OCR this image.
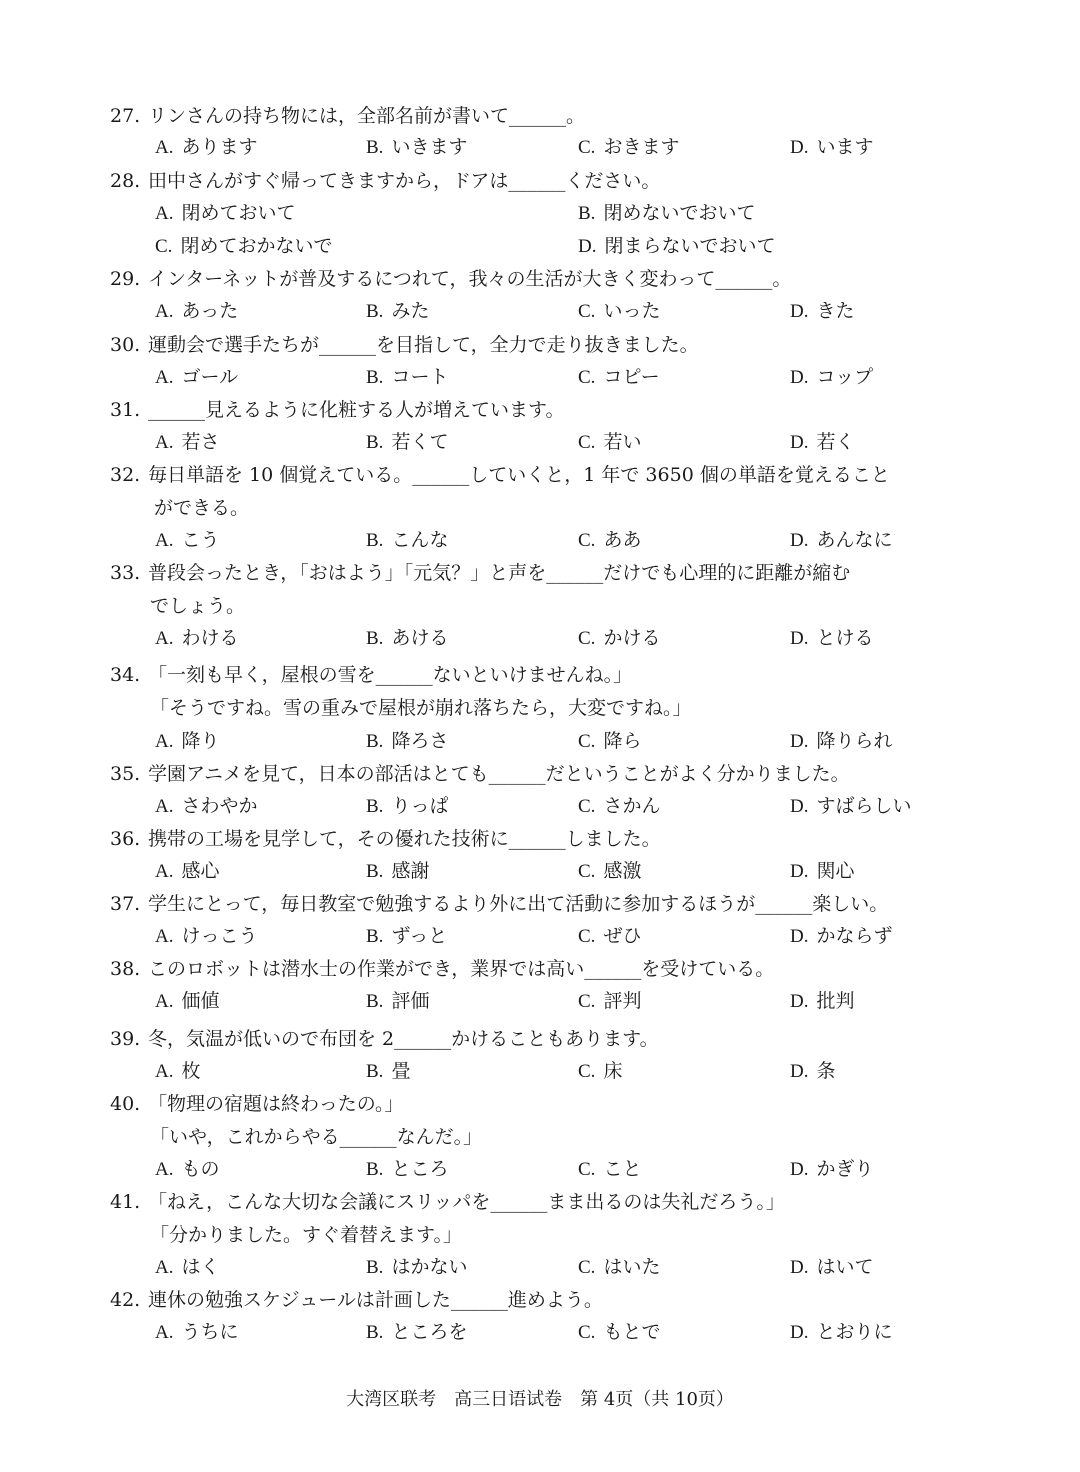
27. リンさんの持ち物には，全部名前が書いて______。
A. あります	B. いきます	C. おきます	D. います
28. 田中さんがすぐ帰ってきますから，ドアは______ください。
A. 閉めておいて	B. 閉めないでおいて
C. 閉めておかないで	D. 閉まらないでおいて
29. インターネットが普及するにつれて，我々の生活が大きく変わって______。
A. あった	B. みた	C. いった	D. きた
30. 運動会で選手たちが______を目指して，全力で走り抜きました。
A. ゴール	B. コート	C. コピー	D. コップ
31. ______見えるように化粧する人が増えています。
A. 若さ	B. 若くて	C. 若い	D. 若く
32. 毎日単語を 10 個覚えている。______していくと，1 年で 3650 個の単語を覚えること
ができる。
A. こう	B. こんな	C. ああ	D. あんなに
33. 普段会ったとき，「おはよう」「元気？」と声を______だけでも心理的に距離が縮む
でしょう。
A. わける	B. あける	C. かける	D. とける
34. 「一刻も早く，屋根の雪を______ないといけませんね。」
「そうですね。雪の重みで屋根が崩れ落ちたら，大変ですね。」
A. 降り	B. 降ろさ	C. 降ら	D. 降りられ
35. 学園アニメを見て，日本の部活はとても______だということがよく分かりました。
A. さわやか	B. りっぱ	C. さかん	D. すばらしい
36. 携帯の工場を見学して，その優れた技術に______しました。
A. 感心	B. 感謝	C. 感激	D. 関心
37. 学生にとって，毎日教室で勉強するより外に出て活動に参加するほうが______楽しい。
A. けっこう	B. ずっと	C. ぜひ	D. かならず
38. このロボットは潜水士の作業ができ，業界では高い______を受けている。
A. 価値	B. 評価	C. 評判	D. 批判
39. 冬，気温が低いので布団を 2______かけることもあります。
A. 枚	B. 畳	C. 床	D. 条
40. 「物理の宿題は終わったの。」
「いや，これからやる______なんだ。」
A. もの	B. ところ	C. こと	D. かぎり
41. 「ねえ，こんな大切な会議にスリッパを______まま出るのは失礼だろう。」
「分かりました。すぐ着替えます。」
A. はく	B. はかない	C. はいた	D. はいて
42. 連休の勉強スケジュールは計画した______進めよう。
A. うちに	B. ところを	C. もとで	D. とおりに
大湾区联考　高三日语试卷　第 4页（共 10页）
